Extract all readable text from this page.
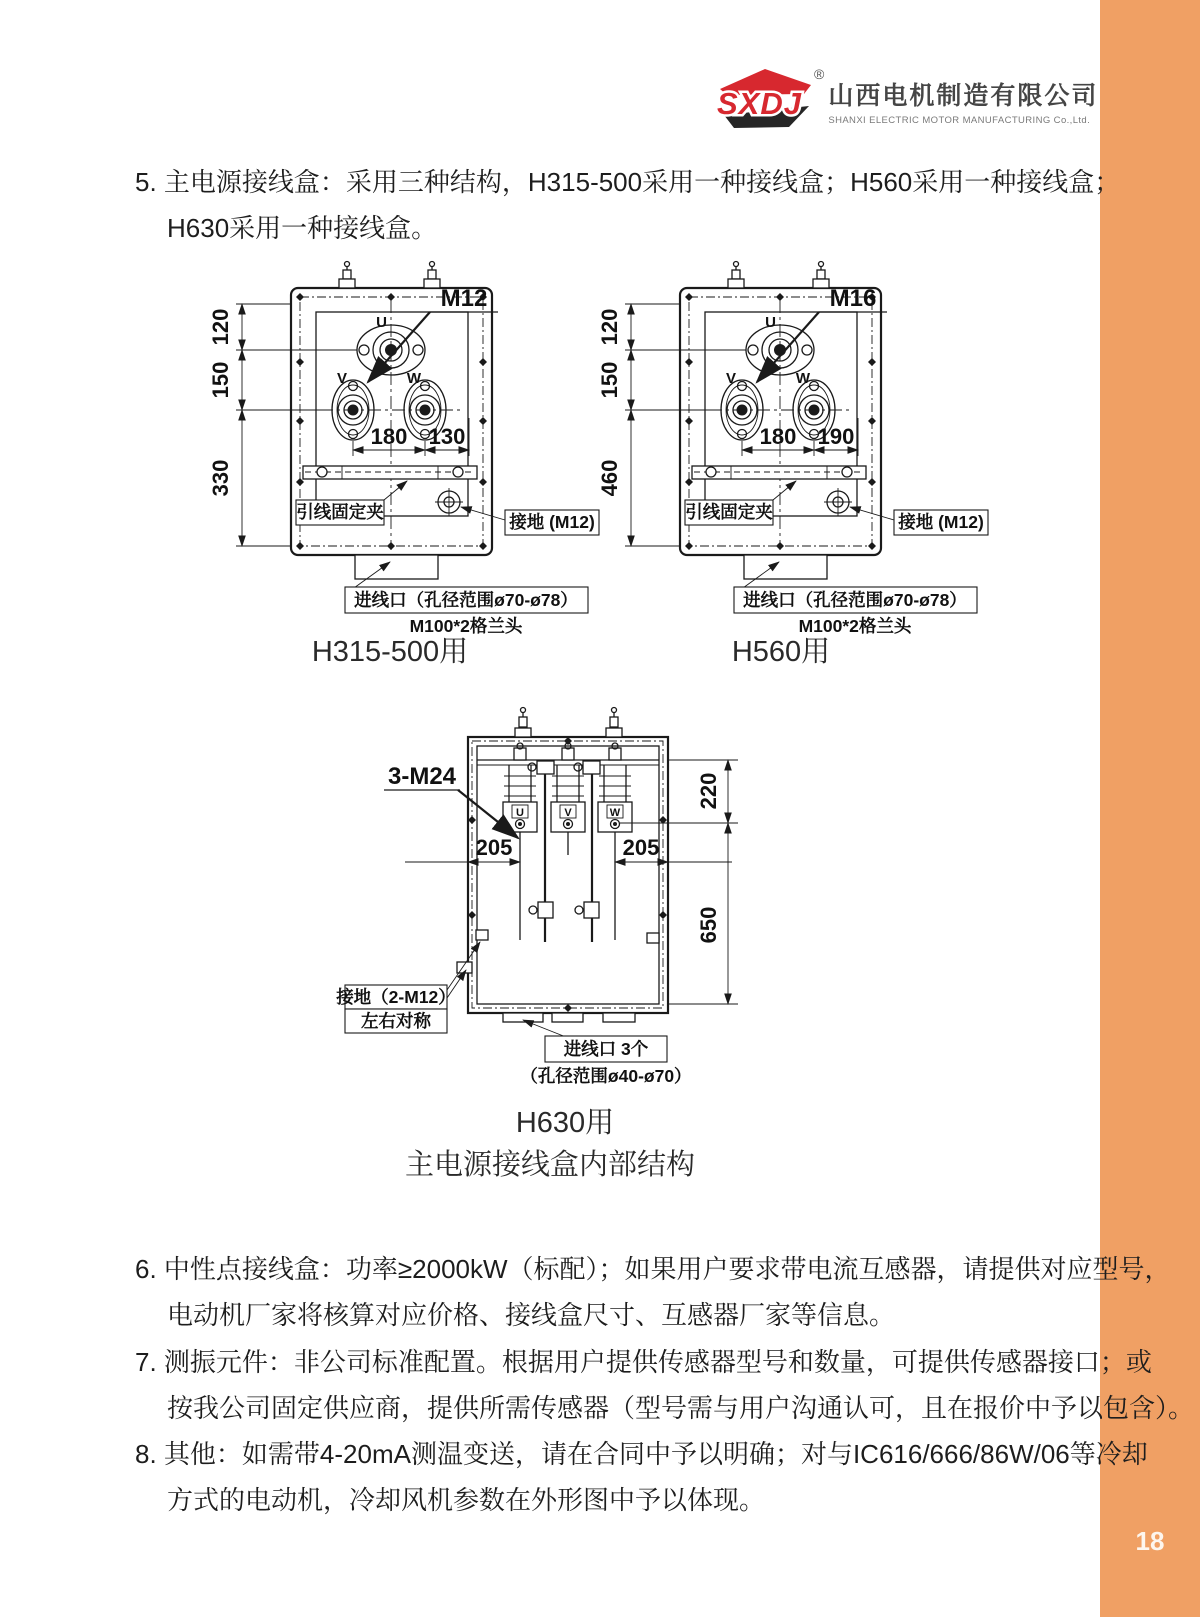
18
SXDJ
®
山西电机制造有限公司
SHANXI ELECTRIC MOTOR MANUFACTURING Co.,Ltd.
5. 主电源接线盒：采用三种结构，H315-500采用一种接线盒；H560采用一种接线盒；
H630采用一种接线盒。
U
M12
V	W
180 130
120
150
330
引线固定夹	接地 (M12)
进线口（孔径范围ø70-ø78）
M100*2格兰头
U
M16
V	W
180 190
120
150
460
引线固定夹	接地 (M12)
进线口（孔径范围ø70-ø78）
M100*2格兰头
H315-500用	H560用
U	V	W
3-M24
205	205
220
650
接地（2-M12）
左右对称
进线口 3个
（孔径范围ø40-ø70）
H630用
主电源接线盒内部结构
6. 中性点接线盒：功率≥2000kW（标配）；如果用户要求带电流互感器，请提供对应型号，
电动机厂家将核算对应价格、接线盒尺寸、互感器厂家等信息。
7. 测振元件：非公司标准配置。根据用户提供传感器型号和数量，可提供传感器接口；或
按我公司固定供应商，提供所需传感器（型号需与用户沟通认可，且在报价中予以包含）。
8. 其他：如需带4-20mA测温变送，请在合同中予以明确；对与IC616/666/86W/06等冷却
方式的电动机，冷却风机参数在外形图中予以体现。
